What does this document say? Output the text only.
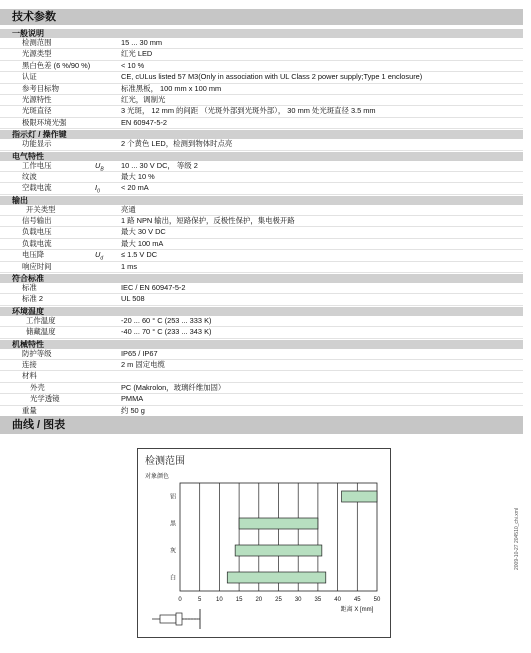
技术参数
一般说明
检测范围	15 ... 30 mm
光源类型	红光 LED
黑白色差 (6 %/90 %)	< 10 %
认证	CE, cULus listed 57 M3(Only in association with UL Class 2 power supply;Type 1 enclosure)
参考目标物	标准黑板， 100 mm x 100 mm
光源特性	红光，调制光
光斑直径	3 光斑， 12 mm 的间距 （光斑外部到光斑外部）， 30 mm 处光斑直径 3.5 mm
极限环境光强	EN 60947-5-2
指示灯 / 操作键
功能显示	2 个黄色 LED，检测到物体时点亮
电气特性
工作电压	$U_B$ 10 ... 30 V DC， 等级 2
纹波	最大 10 %
空载电流	$I_0$	< 20 mA
输出
开关类型	亮通
信号输出	1 路 NPN 输出，短路保护，反极性保护，集电极开路
负载电压	最大 30 V DC
负载电流	最大 100 mA
电压降	$U_d \le 1.5$ V DC
响应时间	1 ms
符合标准
标准	IEC / EN 60947-5-2
标准 2	UL 508
环境温度
工作温度	-20 ... 60 ° C (253 ... 333 K)
储藏温度	-40 ... 70 ° C (233 ... 343 K)
机械特性
防护等级	IP65 / IP67
连接	2 m 固定电缆
材料
外壳	PC (Makrolon，玻璃纤维加固）
光学透镜	PMMA
重量	约 50 g
曲线 / 图表
检测范围
对象颜色
0	5 10 15 20 25 30 35 40 45 50
距离 X [mm]
铝
黑
灰
白
2009-10-27 204510_chi.xml
